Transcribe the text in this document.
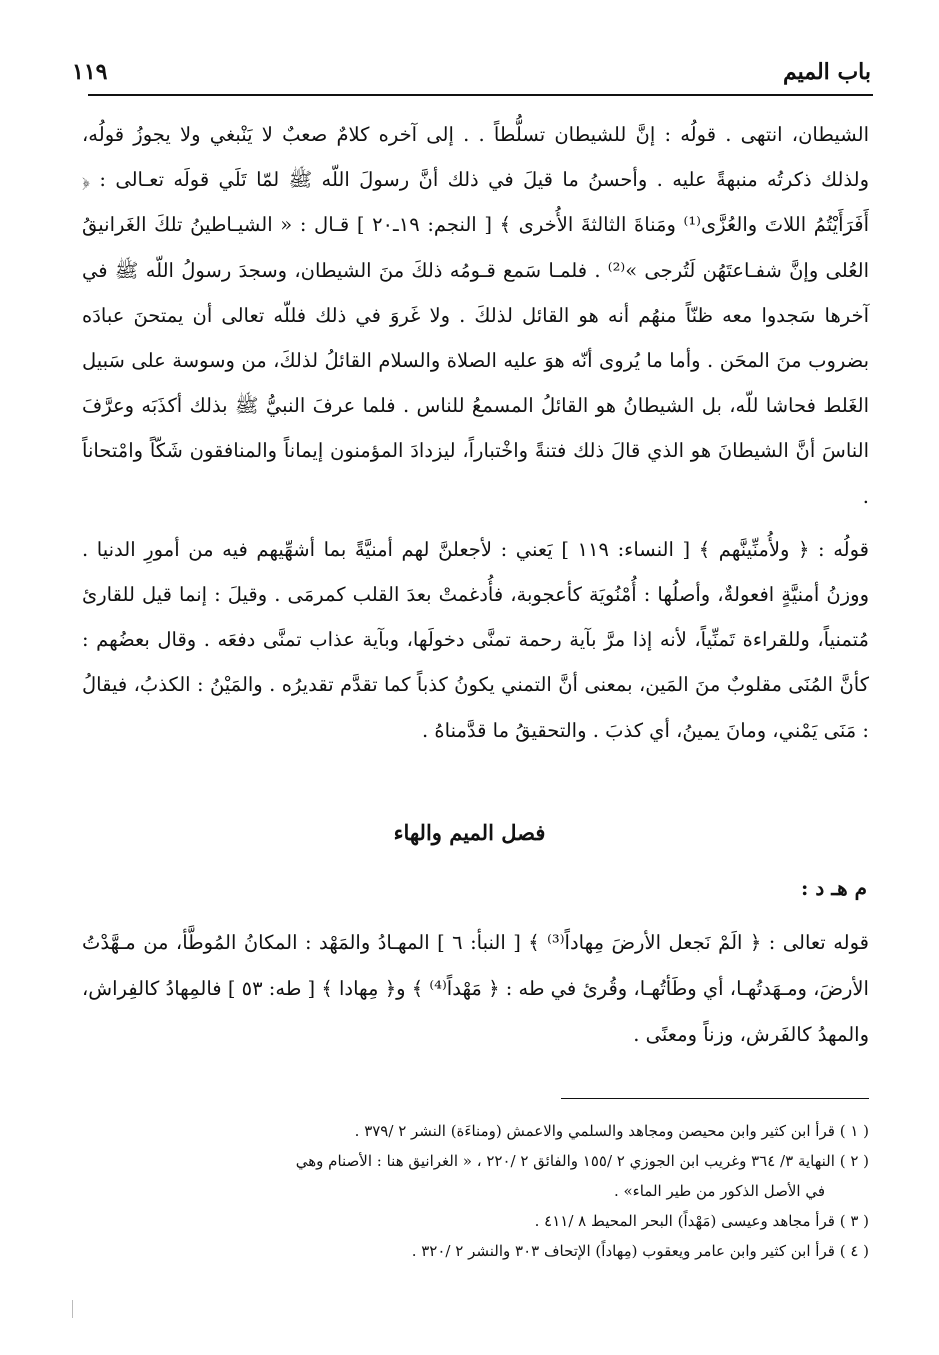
باب الميم
١١٩

الشيطان، انتهى . قولُه : إنَّ للشيطان تسلُّطاً . . إلى آخره كلامٌ صعبٌ لا يَنْبغي ولا يجوزُ قولُه، ولذلك ذكرتُه منبهةً عليه . وأحسنُ ما قيلَ في ذلك أنَّ رسولَ اللّه ﷺ لمّا تَلَي قولَه تعـالى : ﴿ أَفَرَأَيْتُمُ اللاتَ والعُزَّى⁽¹⁾ ومَناةَ الثالثةَ الأُخرى ﴾ [ النجم: ١٩ـ٢٠ ] قـال : « الشيـاطينُ تلكَ الغَرانيقُ العُلى وإنَّ شفـاعتَهُن لَتُرجى »⁽²⁾ . فلمـا سَمع قـومُه ذلكَ منَ الشيطان، وسجدَ رسولُ اللّه ﷺ في آخرها سَجدوا معه ظنّاً منهُم أنه هو القائل لذلكَ . ولا غَروَ في ذلك فللّه تعالى أن يمتحنَ عبادَه بضروب منَ المحَن . وأما ما يُروى أنّه هوَ عليه الصلاة والسلام القائلُ لذلكَ، من وسوسة على سَبيل الغَلط فحاشا للّه، بل الشيطانُ هو القائلُ المسمعُ للناس . فلما عرفَ النبيُّ ﷺ بذلك أكذَبَه وعرَّفَ الناسَ أنَّ الشيطانَ هو الذي قالَ ذلك فتنةً واخْتباراً، ليزدادَ المؤمنون إيماناً والمنافقون شَكّاً وامْتحاناً .

قولُه : ﴿ ولأُمنِّينَّهم ﴾ [ النساء: ١١٩ ] يَعني : لأجعلنَّ لهم أمنيَّةً بما أشهِّيهم فيه من أمورِ الدنيا . ووزنُ أمنيَّةٍ افعولةٌ، وأصلُها : أُمْنُويَة كأعجوبة، فأُدغمتْ بعدَ القلب كمرمَى . وقيلَ : إنما قيل للقارئ مُتمنياً، وللقراءة تَمنِّياً، لأنه إذا مرَّ بآية رحمة تمنَّى دخولَها، وبآية عذاب تمنَّى دفعَه . وقال بعضُهم : كأنَّ المُنَى مقلوبٌ منَ المَين، بمعنى أنَّ التمني يكونُ كذباً كما تقدَّم تقديرُه . والمَيْنُ : الكذبُ، فيقالُ : مَنَى يَمْني، ومانَ يمينُ، أي كذبَ . والتحقيقُ ما قدَّمناهُ .

فصل الميم والهاء
م هـ د :

قوله تعالى : ﴿ الَمْ نَجعل الأرضَ مِهاداً⁽³⁾ ﴾ [ النبأ: ٦ ] المهـادُ والمَهْد : المكانُ المُوطَّأ، من مـهَّدْتُ الأرضَ، ومـهَدتُهـا، أي وطَأتُهـا، وقُرئ في طه : ﴿ مَهْداً⁽⁴⁾ ﴾ و﴿ مِهادا ﴾ [ طه: ٥٣ ] فالمِهادُ كالفِراش، والمهدُ كالفَرش، وزناً ومعنًى .

( ١ ) قرأ ابن كثير وابن محيصن ومجاهد والسلمي والاعمش (ومناءَة) النشر ٢ /٣٧٩ .

( ٢ ) النهاية ٣/ ٣٦٤ وغريب ابن الجوزي ٢ /١٥٥ والفائق ٢ /٢٢٠ ، « الغرانيق هنا : الأصنام وهي

في الأصل الذكور من طير الماء» .

( ٣ ) قرأ مجاهد وعيسى (مَهْداً) البحر المحيط ٨ /٤١١ .

( ٤ ) قرأ ابن كثير وابن عامر ويعقوب (مِهاداً) الإتحاف ٣٠٣ والنشر ٢ /٣٢٠ .
